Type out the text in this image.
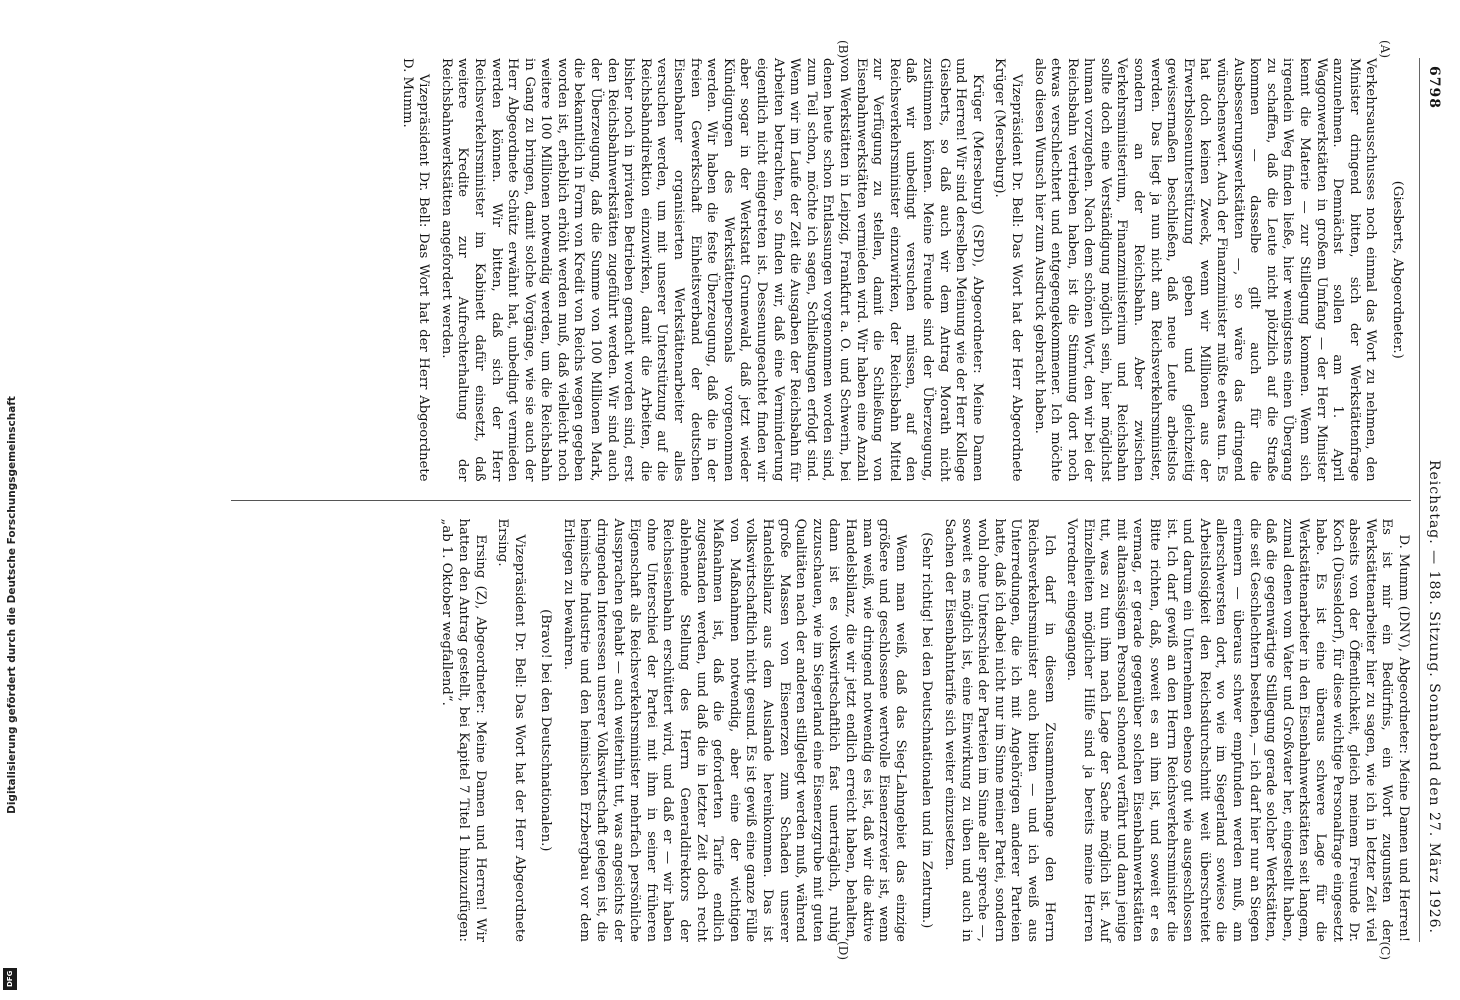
Digitalisierung gefördert durch die Deutsche Forschungsgemeinschaft
DFG
6798
Reichstag. — 188. Sitzung. Sonnabend den 27. März 1926.
(A)
(B)

(Giesberts, Abgeordneter.)

Verkehrsausschusses noch einmal das Wort zu nehmen, den Minister dringend bitten, sich der Werkstättenfrage anzunehmen. Demnächst sollen am 1. April Waggonwerkstätten in großem Umfang — der Herr Minister kennt die Materie — zur Stillegung kommen. Wenn sich irgendein Weg finden ließe, hier wenigstens einen Übergang zu schaffen, daß die Leute nicht plötzlich auf die Straße kommen — dasselbe gilt auch für die Ausbesserungswerkstätten —, so wäre das dringend wünschenswert. Auch der Finanzminister müßte etwas tun. Es hat doch keinen Zweck, wenn wir Millionen aus der Erwerbslosenunterstützung geben und gleichzeitig gewissermaßen beschließen, daß neue Leute arbeitslos werden. Das liegt ja nun nicht am Reichsverkehrsminister, sondern an der Reichsbahn. Aber zwischen Verkehrsministerium, Finanzministerium und Reichsbahn sollte doch eine Verständigung möglich sein, hier möglichst human vorzugehen. Nach dem schönen Wort, den wir bei der Reichsbahn vertrieben haben, ist die Stimmung dort noch etwas verschlechtert und entgegengekommener. Ich möchte also diesen Wunsch hier zum Ausdruck gebracht haben.

Vizepräsident Dr. Bell: Das Wort hat der Herr Abgeordnete Krüger (Merseburg).

Krüger (Merseburg) (SPD), Abgeordneter: Meine Damen und Herren! Wir sind derselben Meinung wie der Herr Kollege Giesberts, so daß auch wir dem Antrag Morath nicht zustimmen können. Meine Freunde sind der Überzeugung, daß wir unbedingt versuchen müssen, auf den Reichsverkehrsminister einzuwirken, der Reichsbahn Mittel zur Verfügung zu stellen, damit die Schließung von Eisenbahnwerkstätten vermieden wird. Wir haben eine Anzahl von Werkstätten in Leipzig, Frankfurt a. O. und Schwerin, bei denen heute schon Entlassungen vorgenommen worden sind, zum Teil schon, möchte ich sagen, Schließungen erfolgt sind. Wenn wir im Laufe der Zeit die Ausgaben der Reichsbahn für Arbeiten betrachten, so finden wir, daß eine Verminderung eigentlich nicht eingetreten ist. Dessenungeachtet finden wir aber sogar in der Werkstatt Grunewald, daß jetzt wieder Kündigungen des Werkstättenpersonals vorgenommen werden. Wir haben die feste Überzeugung, daß die in der freien Gewerkschaft Einheitsverband der deutschen Eisenbahner organisierten Werkstättenarbeiter alles versuchen werden, um mit unserer Unterstützung auf die Reichsbahndirektion einzuwirken, damit die Arbeiten, die bisher noch in privaten Betrieben gemacht worden sind, erst den Reichsbahnwerkstätten zugeführt werden. Wir sind auch der Überzeugung, daß die Summe von 100 Millionen Mark, die bekanntlich in Form von Kredit von Reichs wegen gegeben worden ist, erheblich erhöht werden muß, daß vielleicht noch weitere 100 Millionen notwendig werden, um die Reichsbahn in Gang zu bringen, damit solche Vorgänge, wie sie auch der Herr Abgeordnete Schütz erwähnt hat, unbedingt vermieden werden können. Wir bitten, daß sich der Herr Reichsverkehrsminister im Kabinett dafür einsetzt, daß weitere Kredite zur Aufrechterhaltung der Reichsbahnwerkstätten angefordert werden.

Vizepräsident Dr. Bell: Das Wort hat der Herr Abgeordnete D. Mumm.

(C)
(D)

D. Mumm (DNV), Abgeordneter: Meine Damen und Herren! Es ist mir ein Bedürfnis, ein Wort zugunsten der Werkstättenarbeiter hier zu sagen, wie ich in letzter Zeit viel abseits von der Öffentlichkeit, gleich meinem Freunde Dr. Koch (Düsseldorf), für diese wichtige Personalfrage eingesetzt habe. Es ist eine überaus schwere Lage für die Werkstättenarbeiter in den Eisenbahnwerkstätten seit langem, zumal denen vom Vater und Großvater her, eingestellt haben, daß die gegenwärtige Stillegung gerade solcher Werkstätten, die seit Geschlechtern bestehen, — ich darf hier nur an Siegen erinnern — überaus schwer empfunden werden muß, am allerschwersten dort, wo wie im Siegerland sowieso die Arbeitslosigkeit den Reichsdurchschnitt weit überschreitet und darum ein Unternehmen ebenso gut wie ausgeschlossen ist. Ich darf gewiß an den Herrn Reichsverkehrsminister die Bitte richten, daß, soweit es an ihm ist, und soweit er es vermag, er gerade gegenüber solchen Eisenbahnwerkstätten mit altansässigem Personal schonend verfährt und dann jenige tut, was zu tun ihm nach Lage der Sache möglich ist. Auf Einzelheiten möglicher Hilfe sind ja bereits meine Herren Vorredner eingegangen.

Ich darf in diesem Zusammenhange den Herrn Reichsverkehrsminister auch bitten — und ich weiß aus Unterredungen, die ich mit Angehörigen anderer Parteien hatte, daß ich dabei nicht nur im Sinne meiner Partei, sondern wohl ohne Unterschied der Parteien im Sinne aller spreche —, soweit es möglich ist, eine Einwirkung zu üben und auch in Sachen der Eisenbahntarife sich weiter einzusetzen.

(Sehr richtig! bei den Deutschnationalen und im Zentrum.)

Wenn man weiß, daß das Sieg-Lahngebiet das einzige größere und geschlossene wertvolle Eisenerzrevier ist, wenn man weiß, wie dringend notwendig es ist, daß wir die aktive Handelsbilanz, die wir jetzt endlich erreicht haben, behalten, dann ist es volkswirtschaftlich fast unerträglich, ruhig zuzuschauen, wie im Siegerland eine Eisenerzgrube mit guten Qualitäten nach der anderen stillgelegt werden muß, während große Massen von Eisenerzen zum Schaden unserer Handelsbilanz aus dem Auslande hereinkommen. Das ist volkswirtschaftlich nicht gesund. Es ist gewiß eine ganze Fülle von Maßnahmen notwendig, aber eine der wichtigen Maßnahmen ist, daß die geforderten Tarife endlich zugestanden werden, und daß die in letzter Zeit doch recht ablehnende Stellung des Herrn Generaldirektors der Reichseisenbahn erschüttert wird, und daß er — wir haben ohne Unterschied der Partei mit ihm in seiner früheren Eigenschaft als Reichsverkehrsminister mehrfach persönliche Aussprachen gehabt — auch weiterhin tut, was angesichts der dringenden Interessen unserer Volkswirtschaft gelegen ist, die heimische Industrie und den heimischen Erzbergbau vor dem Erliegen zu bewahren.

(Bravo! bei den Deutschnationalen.)

Vizepräsident Dr. Bell: Das Wort hat der Herr Abgeordnete Ersing.

Ersing (Z), Abgeordneter: Meine Damen und Herren! Wir hatten den Antrag gestellt, bei Kapitel 7 Titel 1 hinzuzufügen: „ab 1. Oktober wegfallend“.
